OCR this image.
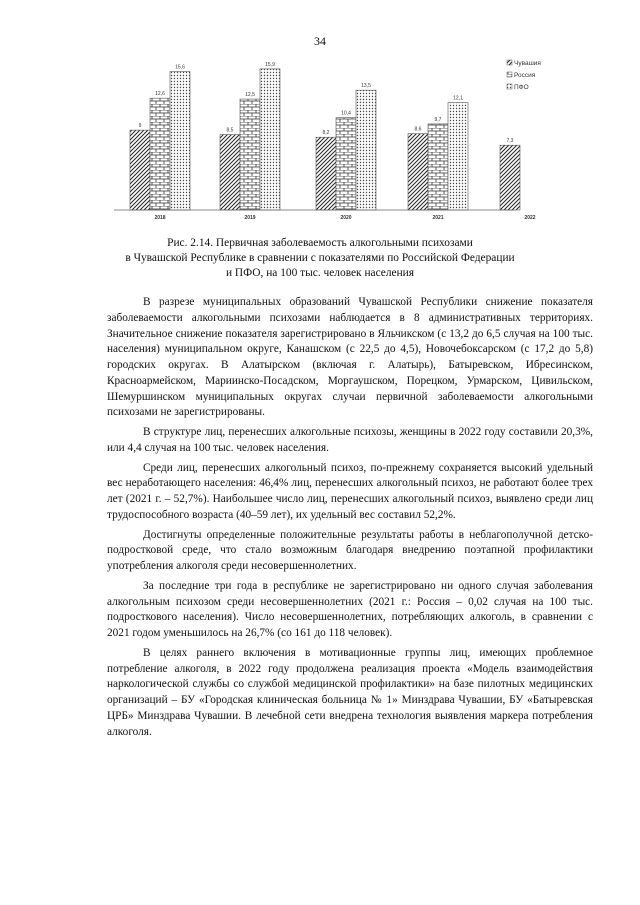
34
9
12,6
15,6
8,5
12,5
15,9
8,2
10,4
13,5
8,6
9,7
12,1
7,3
2018	2019	2020	2021	2022
Чувашия
Россия
ПФО
Рис. 2.14. Первичная заболеваемость алкогольными психозами
в Чувашской Республике в сравнении с показателями по Российской Федерации
и ПФО, на 100 тыс. человек населения

В разрезе муниципальных образований Чувашской Республики снижение показателя заболеваемости алкогольными психозами наблюдается в 8 административных территориях. Значительное снижение показателя зарегистрировано в Яльчикском (с 13,2 до 6,5 случая на 100 тыс. населения) муниципальном округе, Канашском (с 22,5 до 4,5), Новочебоксарском (с 17,2 до 5,8) городских округах. В Алатырском (включая г. Алатырь), Батыревском, Ибресинском, Красноармейском, Мариинско-Посадском, Моргаушском, Порецком, Урмарском, Цивильском, Шемуршинском муниципальных округах случаи первичной заболеваемости алкогольными психозами не зарегистрированы.

В структуре лиц, перенесших алкогольные психозы, женщины в 2022 году составили 20,3%, или 4,4 случая на 100 тыс. человек населения.

Среди лиц, перенесших алкогольный психоз, по-прежнему сохраняется высокий удельный вес неработающего населения: 46,4% лиц, перенесших алкогольный психоз, не работают более трех лет (2021 г. – 52,7%). Наибольшее число лиц, перенесших алкогольный психоз, выявлено среди лиц трудоспособного возраста (40–59 лет), их удельный вес составил 52,2%.

Достигнуты определенные положительные результаты работы в неблагополучной детско-подростковой среде, что стало возможным благодаря внедрению поэтапной профилактики употребления алкоголя среди несовершеннолетних.

За последние три года в республике не зарегистрировано ни одного случая заболевания алкогольным психозом среди несовершеннолетних (2021 г.: Россия – 0,02 случая на 100 тыс. подросткового населения). Число несовершеннолетних, потребляющих алкоголь, в сравнении с 2021 годом уменьшилось на 26,7% (со 161 до 118 человек).

В целях раннего включения в мотивационные группы лиц, имеющих проблемное потребление алкоголя, в 2022 году продолжена реализация проекта «Модель взаимодействия наркологической службы со службой медицинской профилактики» на базе пилотных медицинских организаций – БУ «Городская клиническая больница № 1» Минздрава Чувашии, БУ «Батыревская ЦРБ» Минздрава Чувашии. В лечебной сети внедрена технология выявления маркера потребления алкоголя.
